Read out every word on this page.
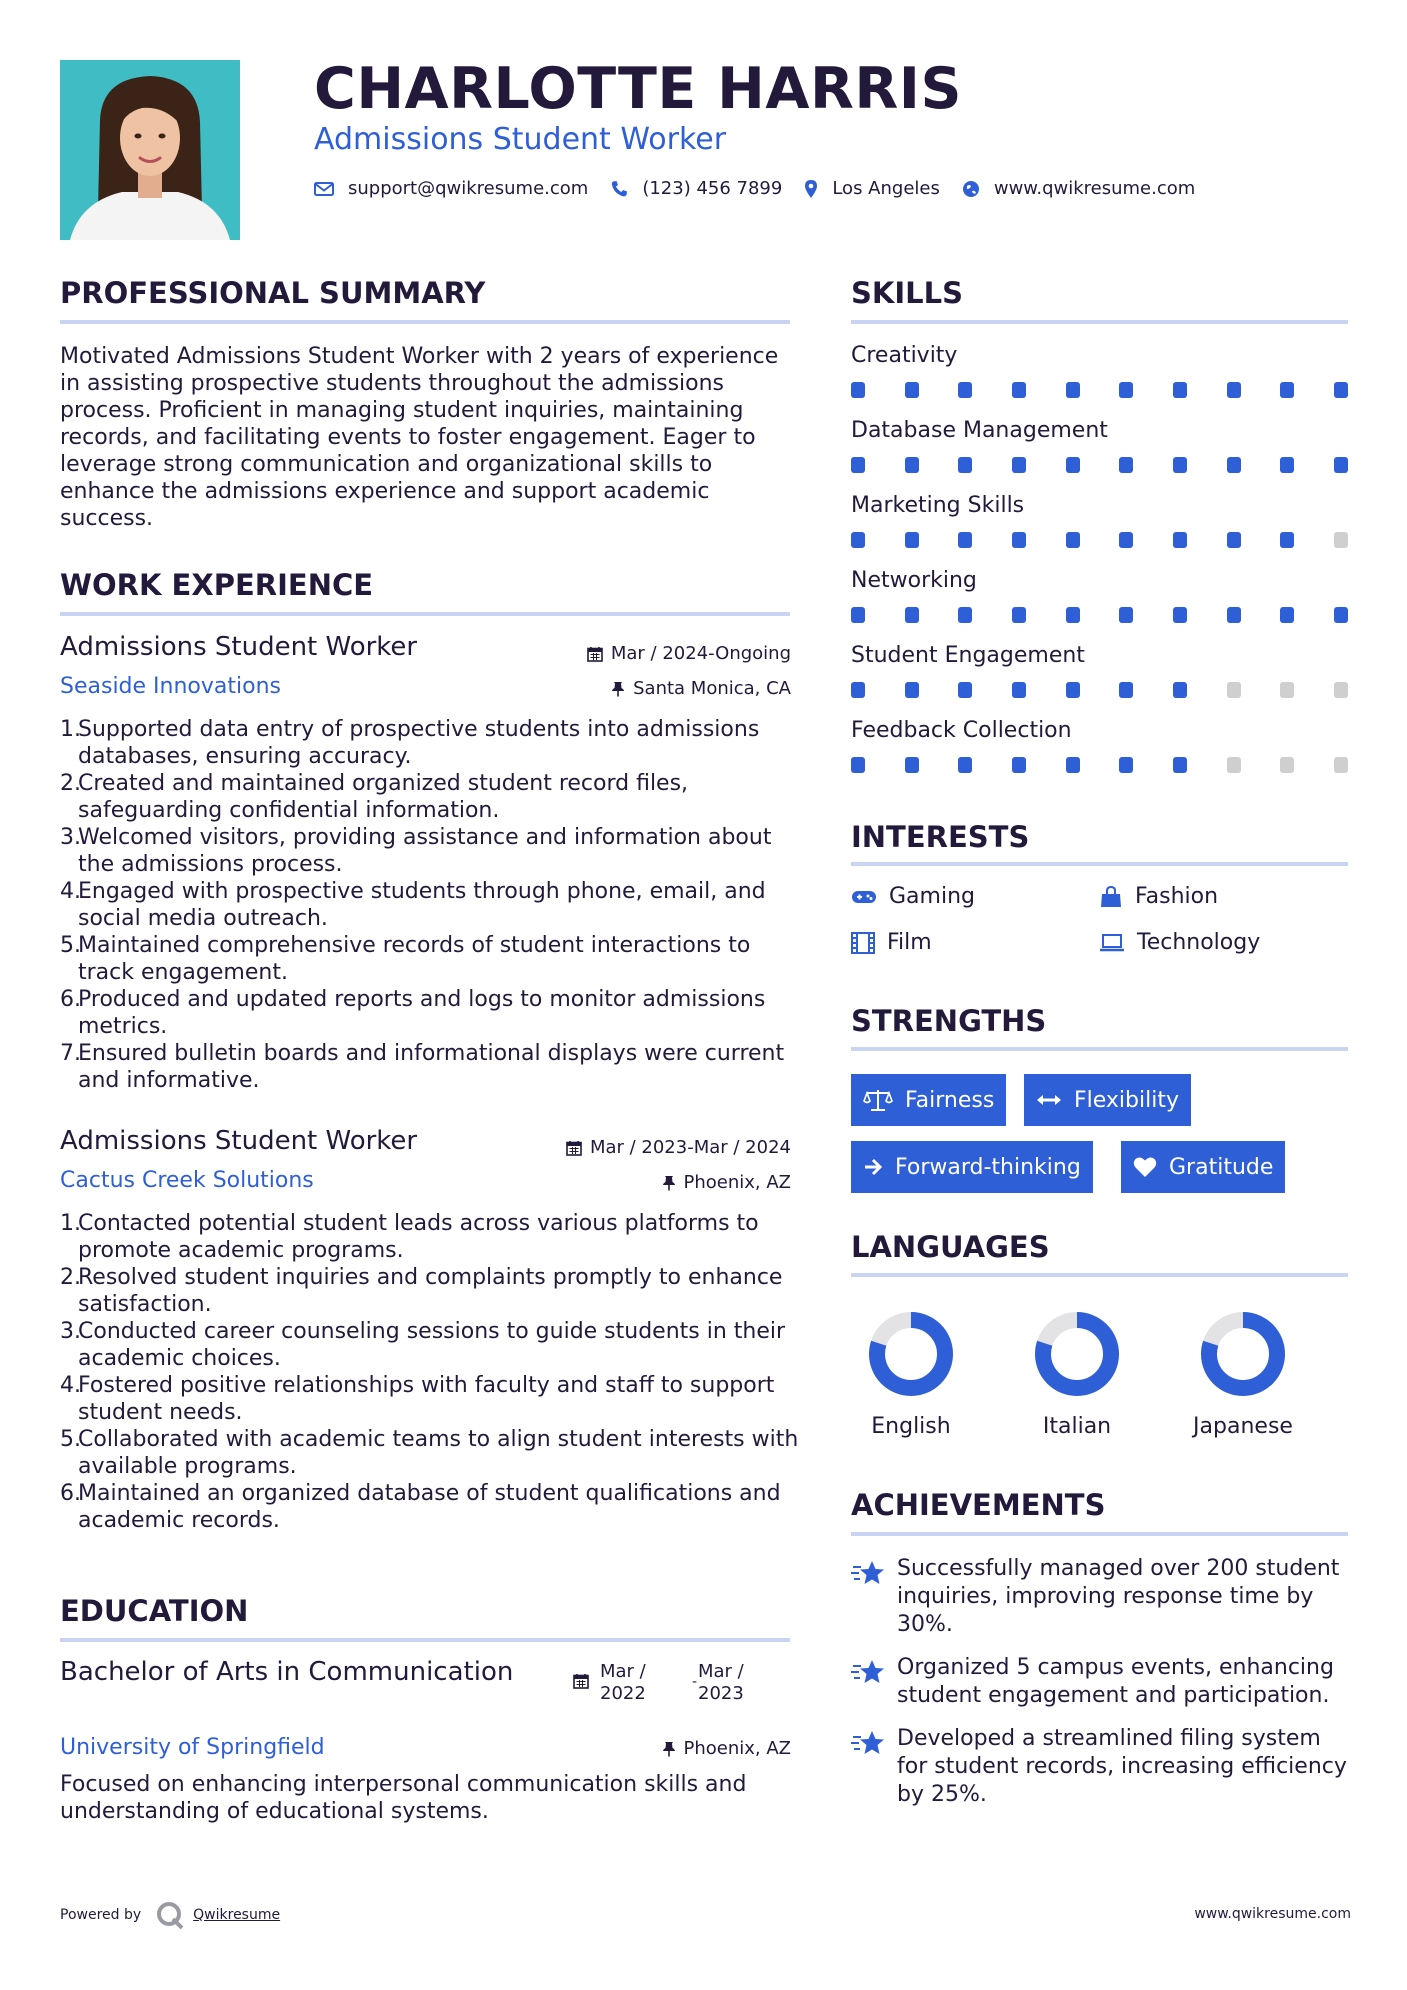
CHARLOTTE HARRIS
Admissions Student Worker
support@qwikresume.com	(123) 456 7899	Los Angeles	www.qwikresume.com
PROFESSIONAL SUMMARY
Motivated Admissions Student Worker with 2 years of experience in assisting prospective students throughout the admissions process. Proficient in managing student inquiries, maintaining records, and facilitating events to foster engagement. Eager to leverage strong communication and organizational skills to enhance the admissions experience and support academic success.
WORK EXPERIENCE
Admissions Student Worker	Mar / 2024-Ongoing
Seaside Innovations	Santa Monica, CA
1.
Supported data entry of prospective students into admissions databases, ensuring accuracy.
2.
Created and maintained organized student record files, safeguarding confidential information.
3.
Welcomed visitors, providing assistance and information about the admissions process.
4.
Engaged with prospective students through phone, email, and social media outreach.
5.
Maintained comprehensive records of student interactions to track engagement.
6.
Produced and updated reports and logs to monitor admissions metrics.
7.
Ensured bulletin boards and informational displays were current and informative.
Admissions Student Worker	Mar / 2023-Mar / 2024
Cactus Creek Solutions	Phoenix, AZ
1.
Contacted potential student leads across various platforms to promote academic programs.
2.
Resolved student inquiries and complaints promptly to enhance satisfaction.
3.
Conducted career counseling sessions to guide students in their academic choices.
4.
Fostered positive relationships with faculty and staff to support student needs.
5.
Collaborated with academic teams to align student interests with available programs.
6.
Maintained an organized database of student qualifications and academic records.
EDUCATION
Bachelor of Arts in Communication	Mar /
2022
- Mar /
2023
University of Springfield	Phoenix, AZ
Focused on enhancing interpersonal communication skills and understanding of educational systems.
SKILLS
Creativity
Database Management
Marketing Skills
Networking
Student Engagement
Feedback Collection
INTERESTS
Gaming	Fashion
Film	Technology
STRENGTHS
Fairness	Flexibility
Forward-thinking	Gratitude
LANGUAGES
English	Italian	Japanese
ACHIEVEMENTS
Successfully managed over 200 student inquiries, improving response time by 30%.
Organized 5 campus events, enhancing student engagement and participation.
Developed a streamlined filing system for student records, increasing efficiency by 25%.
Powered by	Qwikresume	www.qwikresume.com
